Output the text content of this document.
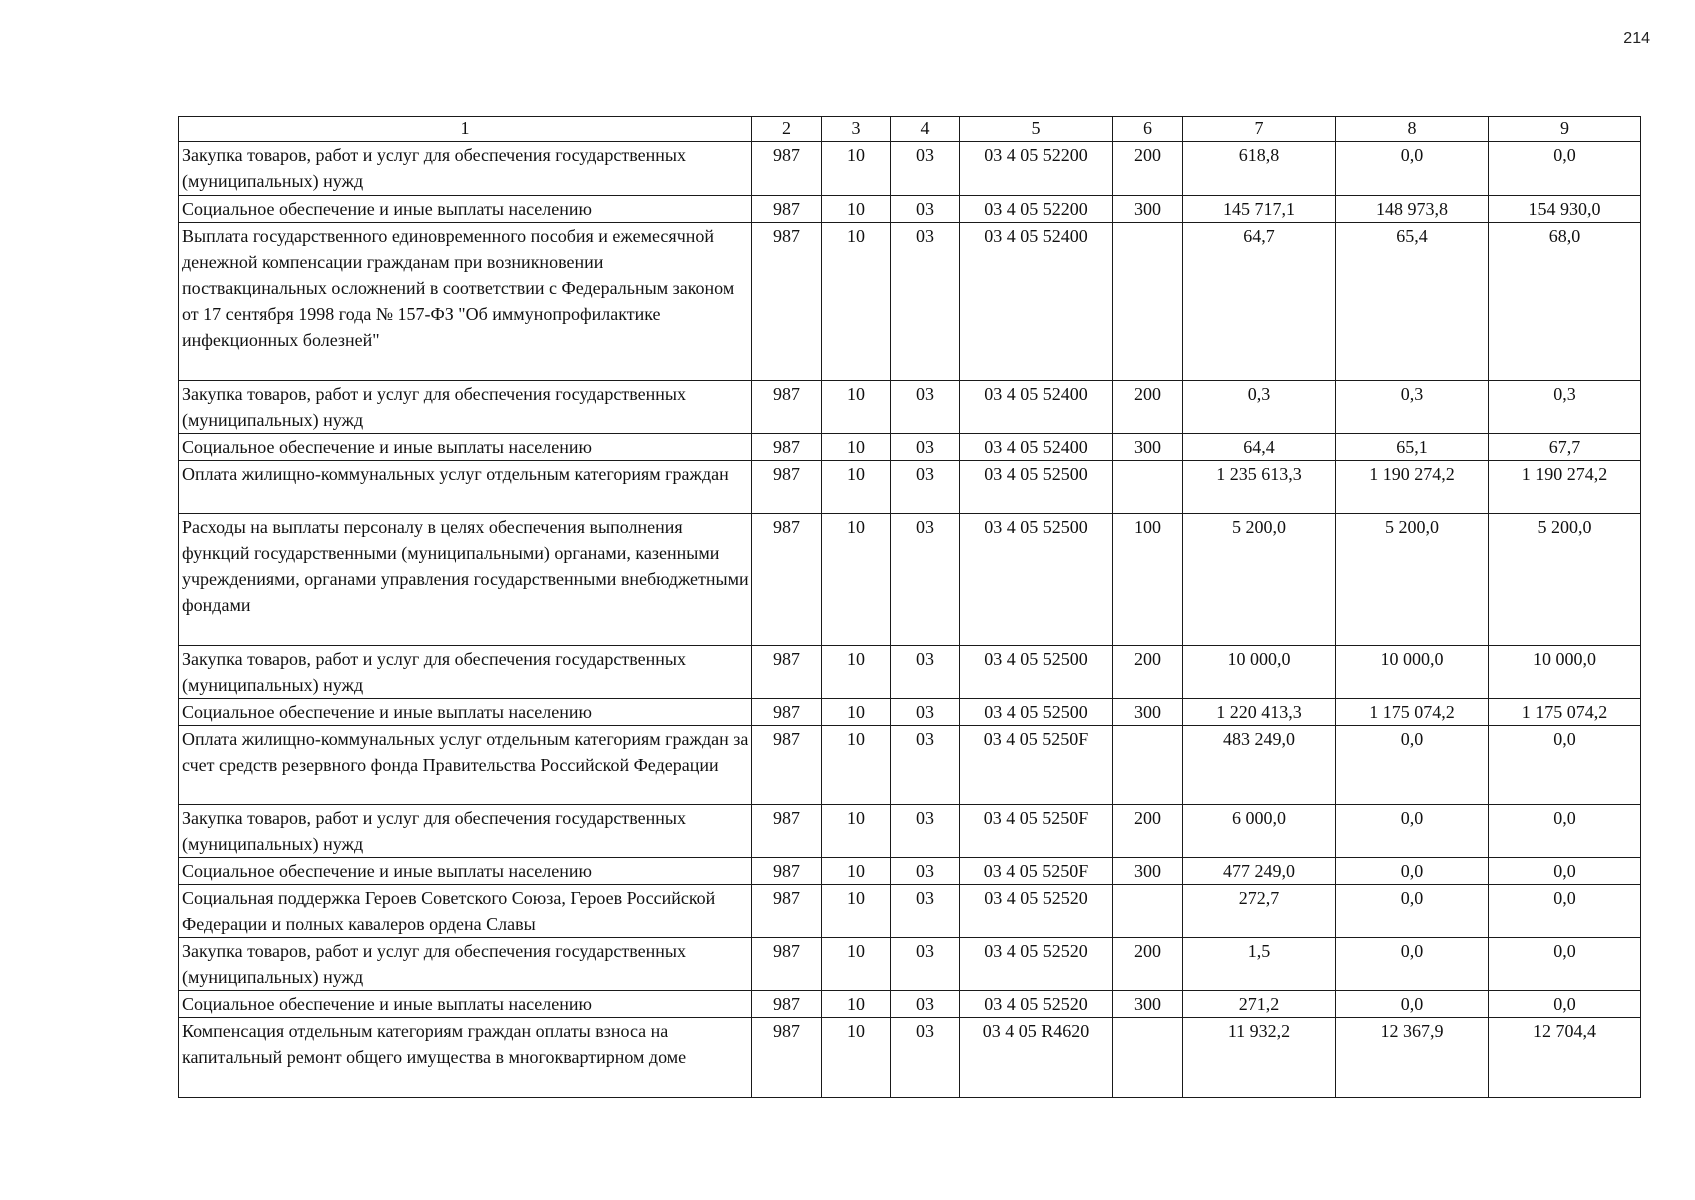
214
1	2	3	4	5	6	7	8	9
Закупка товаров, работ и услуг для обеспечения государственных (муниципальных) нужд	987	10	03	03 4 05 52200	200	618,8	0,0	0,0
Социальное обеспечение и иные выплаты населению	987	10	03	03 4 05 52200	300	145 717,1	148 973,8	154 930,0
Выплата государственного единовременного пособия и ежемесячной денежной компенсации гражданам при возникновении поствакцинальных осложнений в соответствии с Федеральным законом от 17 сентября 1998 года № 157-ФЗ "Об иммунопрофилактике инфекционных болезней"	987	10	03	03 4 05 52400		64,7	65,4	68,0
Закупка товаров, работ и услуг для обеспечения государственных (муниципальных) нужд	987	10	03	03 4 05 52400	200	0,3	0,3	0,3
Социальное обеспечение и иные выплаты населению	987	10	03	03 4 05 52400	300	64,4	65,1	67,7
Оплата жилищно-коммунальных услуг отдельным категориям граждан	987	10	03	03 4 05 52500		1 235 613,3	1 190 274,2	1 190 274,2
Расходы на выплаты персоналу в целях обеспечения выполнения функций государственными (муниципальными) органами, казенными учреждениями, органами управления государственными внебюджетными фондами	987	10	03	03 4 05 52500	100	5 200,0	5 200,0	5 200,0
Закупка товаров, работ и услуг для обеспечения государственных (муниципальных) нужд	987	10	03	03 4 05 52500	200	10 000,0	10 000,0	10 000,0
Социальное обеспечение и иные выплаты населению	987	10	03	03 4 05 52500	300	1 220 413,3	1 175 074,2	1 175 074,2
Оплата жилищно-коммунальных услуг отдельным категориям граждан за счет средств резервного фонда Правительства Российской Федерации	987	10	03	03 4 05 5250F		483 249,0	0,0	0,0
Закупка товаров, работ и услуг для обеспечения государственных (муниципальных) нужд	987	10	03	03 4 05 5250F	200	6 000,0	0,0	0,0
Социальное обеспечение и иные выплаты населению	987	10	03	03 4 05 5250F	300	477 249,0	0,0	0,0
Социальная поддержка Героев Советского Союза, Героев Российской Федерации и полных кавалеров ордена Славы	987	10	03	03 4 05 52520		272,7	0,0	0,0
Закупка товаров, работ и услуг для обеспечения государственных (муниципальных) нужд	987	10	03	03 4 05 52520	200	1,5	0,0	0,0
Социальное обеспечение и иные выплаты населению	987	10	03	03 4 05 52520	300	271,2	0,0	0,0
Компенсация отдельным категориям граждан оплаты взноса на капитальный ремонт общего имущества в многоквартирном доме	987	10	03	03 4 05 R4620		11 932,2	12 367,9	12 704,4
